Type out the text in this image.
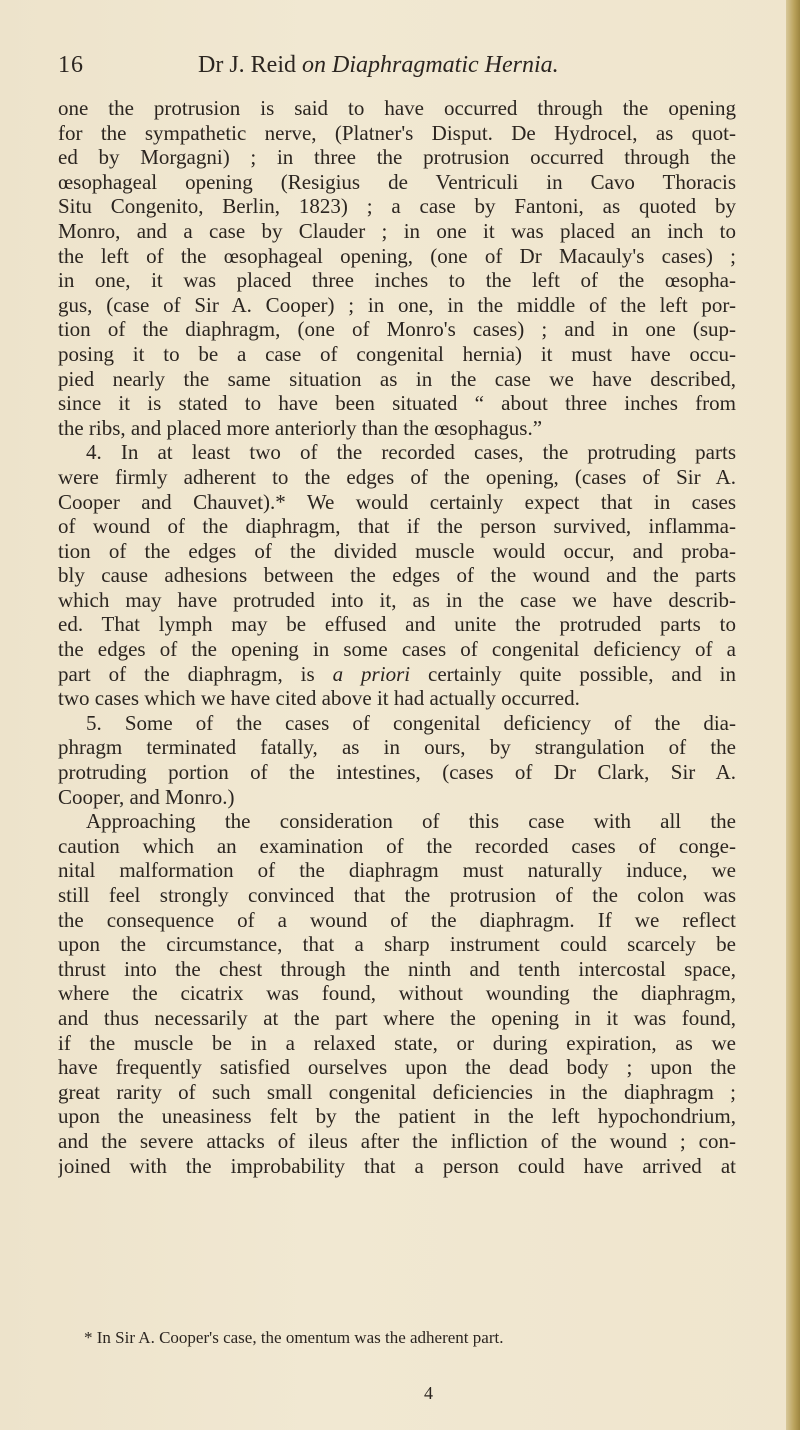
16	Dr J. Reid on Diaphragmatic Hernia.
one the protrusion is said to have occurred through the opening
for the sympathetic nerve, (Platner's Disput. De Hydrocel, as quot-
ed by Morgagni) ; in three the protrusion occurred through the
œsophageal opening (Resigius de Ventriculi in Cavo Thoracis
Situ Congenito, Berlin, 1823) ; a case by Fantoni, as quoted by
Monro, and a case by Clauder ; in one it was placed an inch to
the left of the œsophageal opening, (one of Dr Macauly's cases) ;
in one, it was placed three inches to the left of the œsopha-
gus, (case of Sir A. Cooper) ; in one, in the middle of the left por-
tion of the diaphragm, (one of Monro's cases) ; and in one (sup-
posing it to be a case of congenital hernia) it must have occu-
pied nearly the same situation as in the case we have described,
since it is stated to have been situated “ about three inches from
the ribs, and placed more anteriorly than the œsophagus.”
4. In at least two of the recorded cases, the protruding parts
were firmly adherent to the edges of the opening, (cases of Sir A.
Cooper and Chauvet).* We would certainly expect that in cases
of wound of the diaphragm, that if the person survived, inflamma-
tion of the edges of the divided muscle would occur, and proba-
bly cause adhesions between the edges of the wound and the parts
which may have protruded into it, as in the case we have describ-
ed. That lymph may be effused and unite the protruded parts to
the edges of the opening in some cases of congenital deficiency of a
part of the diaphragm, is a priori certainly quite possible, and in
two cases which we have cited above it had actually occurred.
5. Some of the cases of congenital deficiency of the dia-
phragm terminated fatally, as in ours, by strangulation of the
protruding portion of the intestines, (cases of Dr Clark, Sir A.
Cooper, and Monro.)
Approaching the consideration of this case with all the
caution which an examination of the recorded cases of conge-
nital malformation of the diaphragm must naturally induce, we
still feel strongly convinced that the protrusion of the colon was
the consequence of a wound of the diaphragm. If we reflect
upon the circumstance, that a sharp instrument could scarcely be
thrust into the chest through the ninth and tenth intercostal space,
where the cicatrix was found, without wounding the diaphragm,
and thus necessarily at the part where the opening in it was found,
if the muscle be in a relaxed state, or during expiration, as we
have frequently satisfied ourselves upon the dead body ; upon the
great rarity of such small congenital deficiencies in the diaphragm ;
upon the uneasiness felt by the patient in the left hypochondrium,
and the severe attacks of ileus after the infliction of the wound ; con-
joined with the improbability that a person could have arrived at
* In Sir A. Cooper's case, the omentum was the adherent part.
4
